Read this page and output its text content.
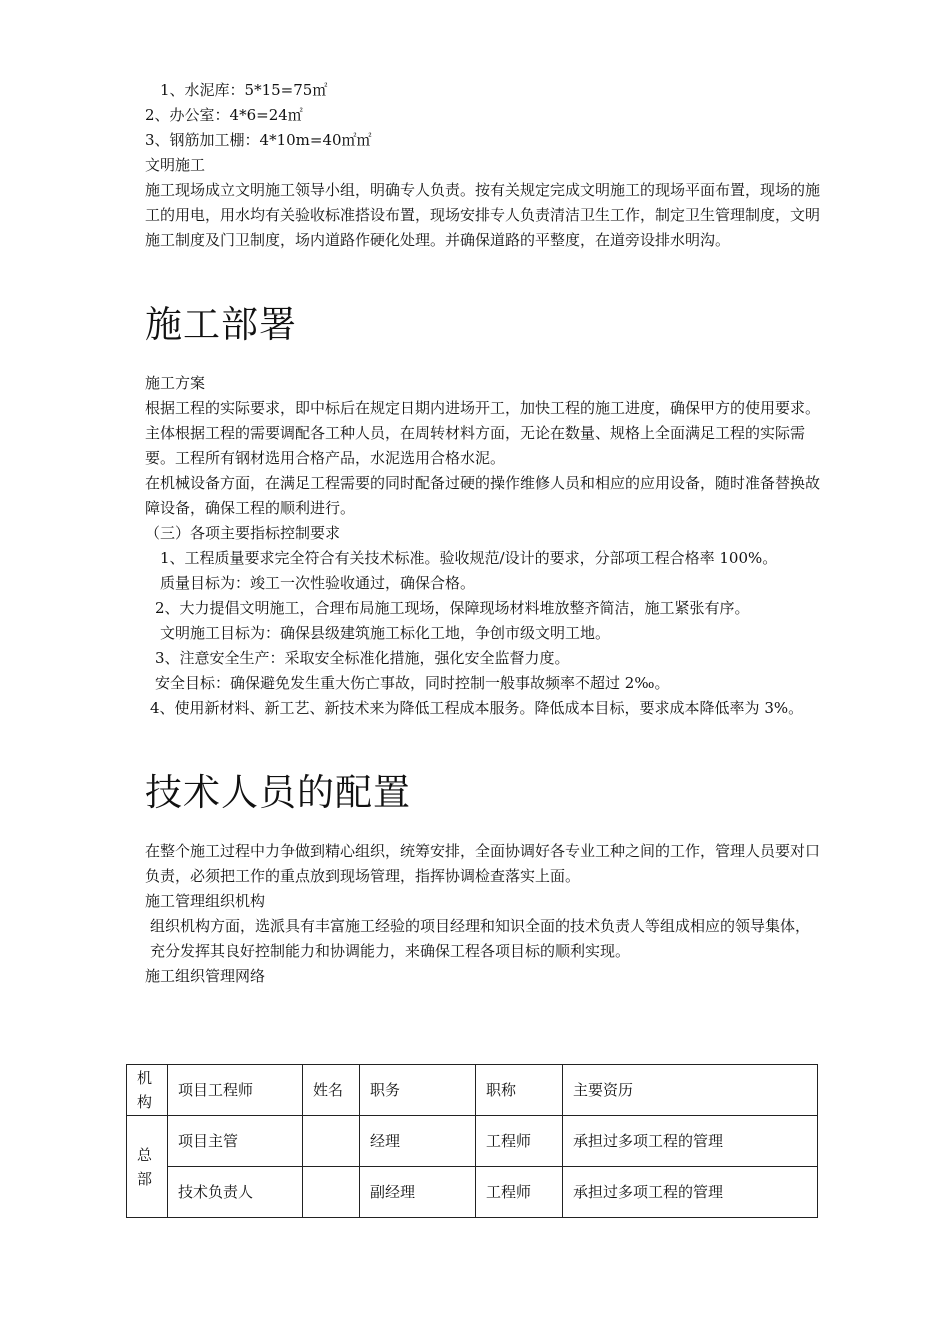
1、水泥库：5*15=75㎡

2、办公室：4*6=24㎡

3、钢筋加工棚：4*10m=40㎡㎡

文明施工

施工现场成立文明施工领导小组，明确专人负责。按有关规定完成文明施工的现场平面布置，现场的施工的用电，用水均有关验收标准搭设布置，现场安排专人负责清洁卫生工作，制定卫生管理制度，文明施工制度及门卫制度，场内道路作硬化处理。并确保道路的平整度，在道旁设排水明沟。

施工部署

施工方案

根据工程的实际要求，即中标后在规定日期内进场开工，加快工程的施工进度，确保甲方的使用要求。

主体根据工程的需要调配各工种人员，在周转材料方面，无论在数量、规格上全面满足工程的实际需要。工程所有钢材选用合格产品，水泥选用合格水泥。

在机械设备方面，在满足工程需要的同时配备过硬的操作维修人员和相应的应用设备，随时准备替换故障设备，确保工程的顺利进行。

（三）各项主要指标控制要求

1、工程质量要求完全符合有关技术标准。验收规范/设计的要求，分部项工程合格率 100%。

质量目标为：竣工一次性验收通过，确保合格。

2、大力提倡文明施工，合理布局施工现场，保障现场材料堆放整齐简洁，施工紧张有序。

文明施工目标为：确保县级建筑施工标化工地，争创市级文明工地。

3、注意安全生产：采取安全标准化措施，强化安全监督力度。

安全目标：确保避免发生重大伤亡事故，同时控制一般事故频率不超过 2‰。

4、使用新材料、新工艺、新技术来为降低工程成本服务。降低成本目标，要求成本降低率为 3%。

技术人员的配置

在整个施工过程中力争做到精心组织，统筹安排，全面协调好各专业工种之间的工作，管理人员要对口负责，必须把工作的重点放到现场管理，指挥协调检查落实上面。

施工管理组织机构

组织机构方面，选派具有丰富施工经验的项目经理和知识全面的技术负责人等组成相应的领导集体，充分发挥其良好控制能力和协调能力，来确保工程各项目标的顺利实现。

施工组织管理网络

机
构	项目工程师	姓名	职务	职称	主要资历

总
部	项目主管		经理	工程师	承担过多项工程的管理
	技术负责人		副经理	工程师	承担过多项工程的管理
